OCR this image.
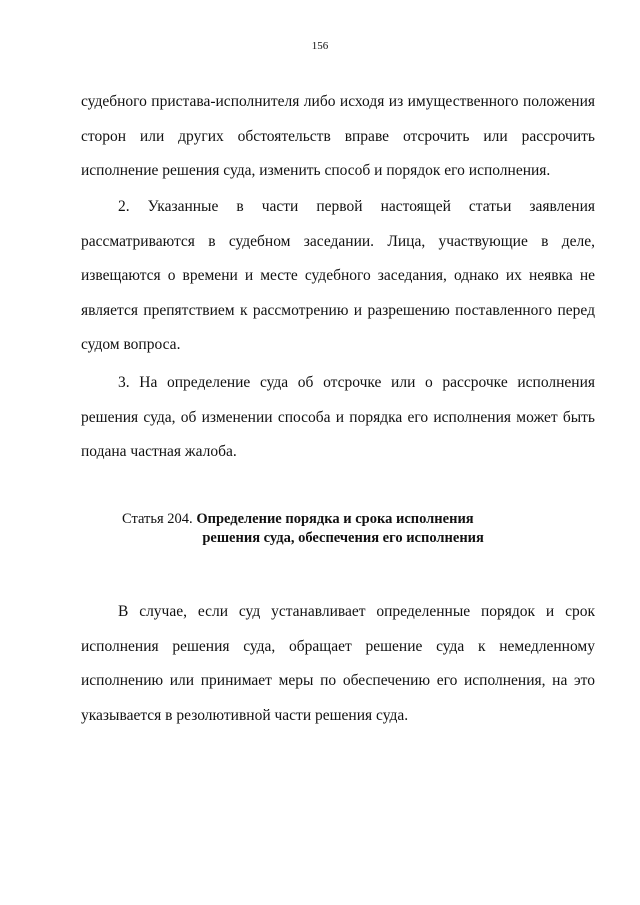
156

судебного пристава-исполнителя либо исходя из имущественного положения сторон или других обстоятельств вправе отсрочить или рассрочить исполнение решения суда, изменить способ и порядок его исполнения.

2. Указанные в части первой настоящей статьи заявления рассматриваются в судебном заседании. Лица, участвующие в деле, извещаются о времени и месте судебного заседания, однако их неявка не является препятствием к рассмотрению и разрешению поставленного перед судом вопроса.

3. На определение суда об отсрочке или о рассрочке исполнения решения суда, об изменении способа и порядка его исполнения может быть подана частная жалоба.

Статья 204.
Определение порядка и срока исполнения
решения суда, обеспечения его исполнения

В случае, если суд устанавливает определенные порядок и срок исполнения решения суда, обращает решение суда к немедленному исполнению или принимает меры по обеспечению его исполнения, на это указывается в резолютивной части решения суда.
